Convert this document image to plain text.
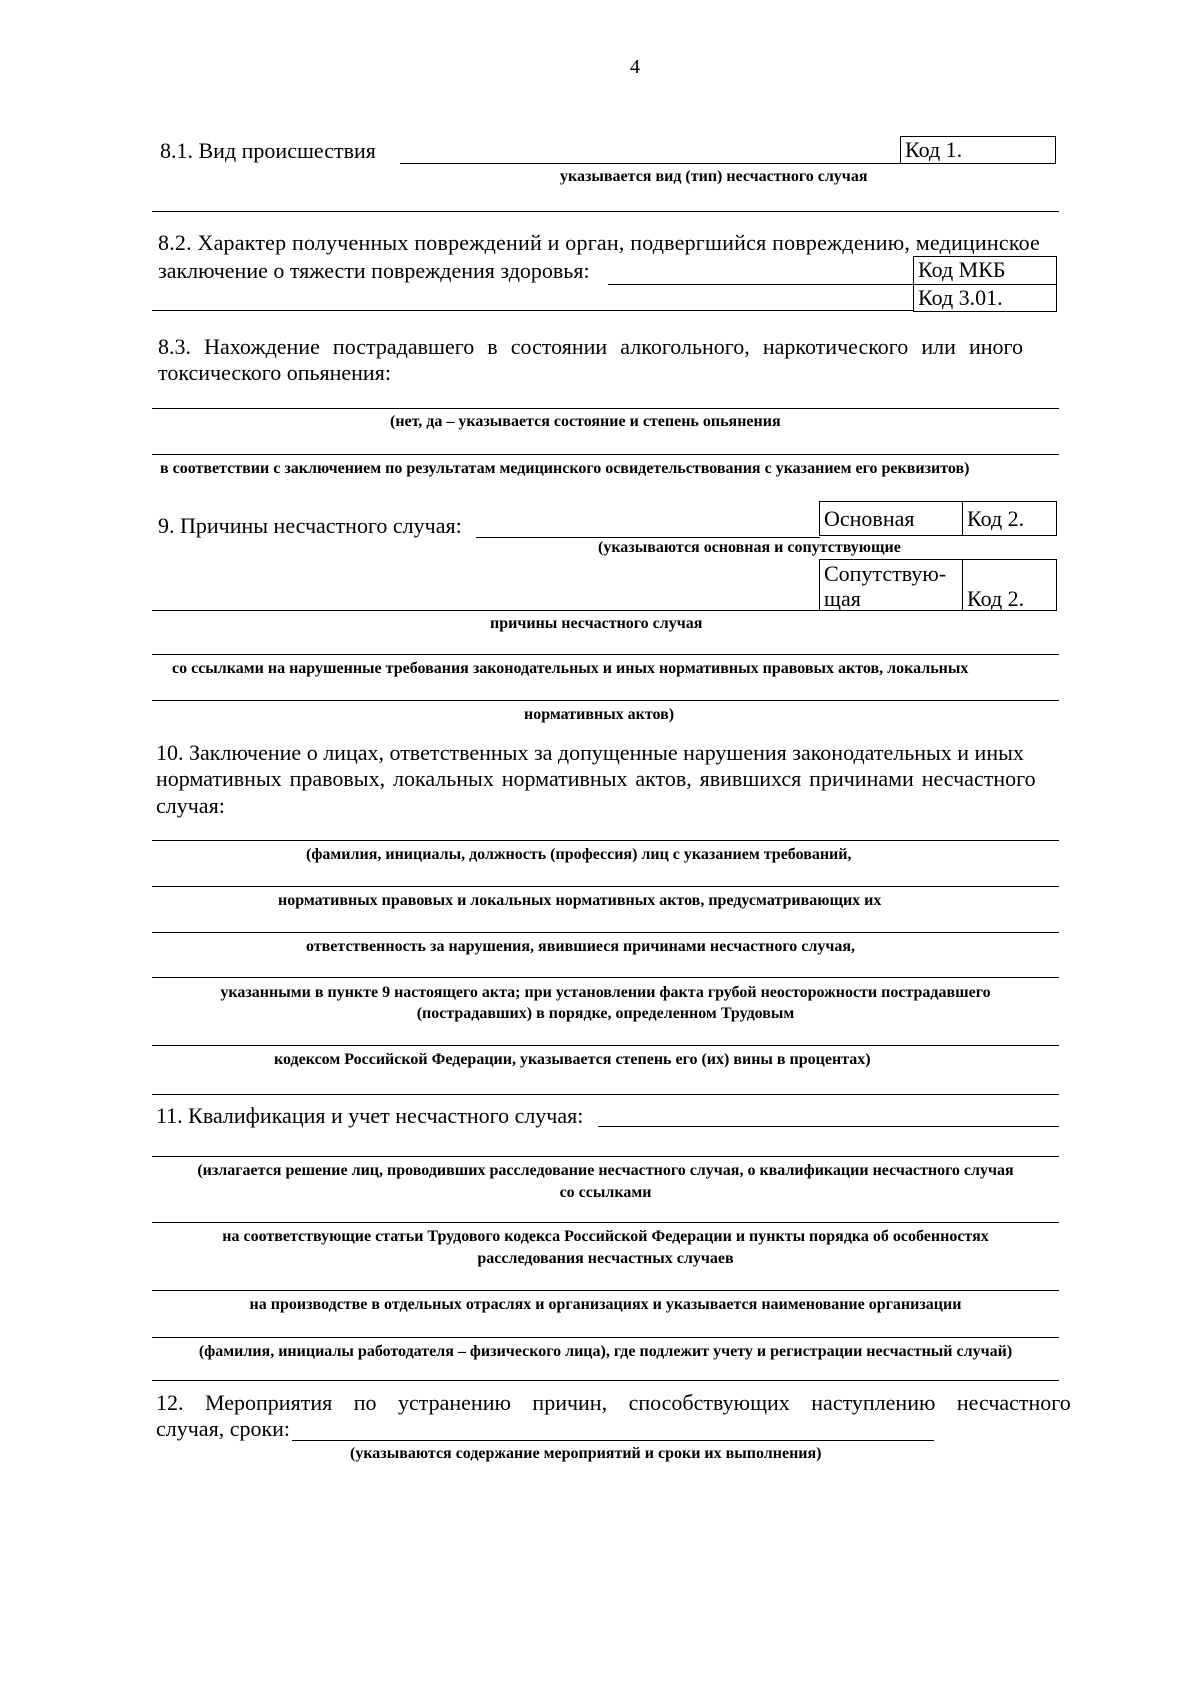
4
8.1. Вид происшествия	Код 1.
указывается вид (тип) несчастного случая
8.2. Характер полученных повреждений и орган, подвергшийся повреждению, медицинское
заключение о тяжести повреждения здоровья:	Код МКБ
Код 3.01.
8.3. Нахождение пострадавшего в состоянии алкогольного, наркотического или иного
токсического опьянения:
(нет, да – указывается состояние и степень опьянения
в соответствии с заключением по результатам медицинского освидетельствования с указанием его реквизитов)
9. Причины несчастного случая:	Основная	Код 2.
(указываются основная и сопутствующие
Сопутствую-
щая	Код 2.
причины несчастного случая
со ссылками на нарушенные требования законодательных и иных нормативных правовых актов, локальных
нормативных актов)
10. Заключение о лицах, ответственных за допущенные нарушения законодательных и иных
нормативных правовых, локальных нормативных актов, явившихся причинами несчастного
случая:
(фамилия, инициалы, должность (профессия) лиц с указанием требований,
нормативных правовых и локальных нормативных актов, предусматривающих их
ответственность за нарушения, явившиеся причинами несчастного случая,
указанными в пункте 9 настоящего акта; при установлении факта грубой неосторожности пострадавшего
(пострадавших) в порядке, определенном Трудовым
кодексом Российской Федерации, указывается степень его (их) вины в процентах)
11. Квалификация и учет несчастного случая:
(излагается решение лиц, проводивших расследование несчастного случая, о квалификации несчастного случая
со ссылками
на соответствующие статьи Трудового кодекса Российской Федерации и пункты порядка об особенностях
расследования несчастных случаев
на производстве в отдельных отраслях и организациях и указывается наименование организации
(фамилия, инициалы работодателя – физического лица), где подлежит учету и регистрации несчастный случай)
12. Мероприятия по устранению причин, способствующих наступлению несчастного
случая, сроки:
(указываются содержание мероприятий и сроки их выполнения)
